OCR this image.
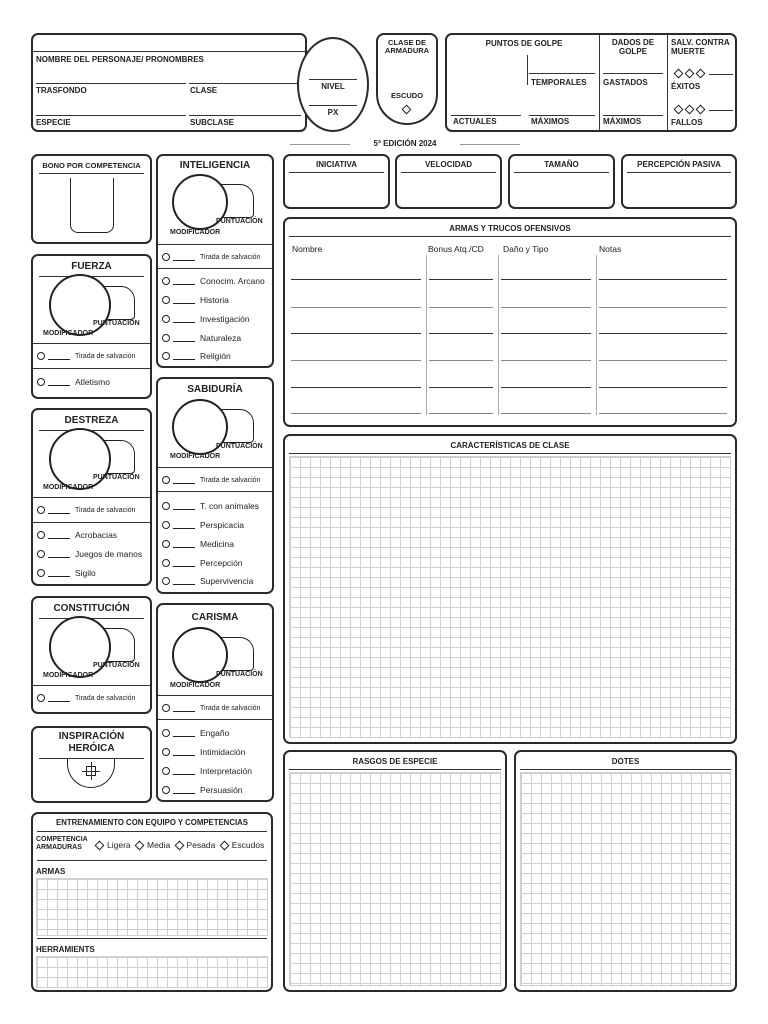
NOMBRE DEL PERSONAJE/ PRONOMBRES
TRASFONDO	CLASE
ESPECIE	SUBCLASE
NIVEL
PX
CLASE DE ARMADURA
ESCUDO
PUNTOS DE GOLPE
TEMPORALES
ACTUALES	MÁXIMOS
DADOS DE GOLPE
GASTADOS
MÁXIMOS
SALV. CONTRA MUERTE
ÉXITOS
FALLOS
5ª EDICIÓN 2024
BONO POR COMPETENCIA
FUERZA
PUNTUACIÓN
MODIFICADOR
Tirada de salvación
Atletismo
DESTREZA
PUNTUACIÓN
MODIFICADOR
Tirada de salvación
Acrobacias
Juegos de manos
Sigilo
CONSTITUCIÓN
PUNTUACIÓN
MODIFICADOR
Tirada de salvación
INSPIRACIÓN HERÓICA
ENTRENAMIENTO CON EQUIPO Y COMPETENCIAS
COMPETENCIA ARMADURAS	Ligera Media Pesada Escudos
ARMAS
HERRAMIENTS
INTELIGENCIA
PUNTUACIÓN
MODIFICADOR
Tirada de salvación
Conocim. Arcano
Historia
Investigación
Naturaleza
Religión
SABIDURÍA
PUNTUACIÓN
MODIFICADOR
Tirada de salvación
T. con animales
Perspicacia
Medicina
Percepción
Supervivencia
CARISMA
PUNTUACIÓN
MODIFICADOR
Tirada de salvación
Engaño
Intimidación
Interpretación
Persuasión
INICIATIVA	VELOCIDAD	TAMAÑO	PERCEPCIÓN PASIVA
ARMAS Y TRUCOS OFENSIVOS
Nombre	Bonus Atq./CD Daño y Tipo	Notas
CARACTERÍSTICAS DE CLASE
RASGOS DE ESPECIE	DOTES
